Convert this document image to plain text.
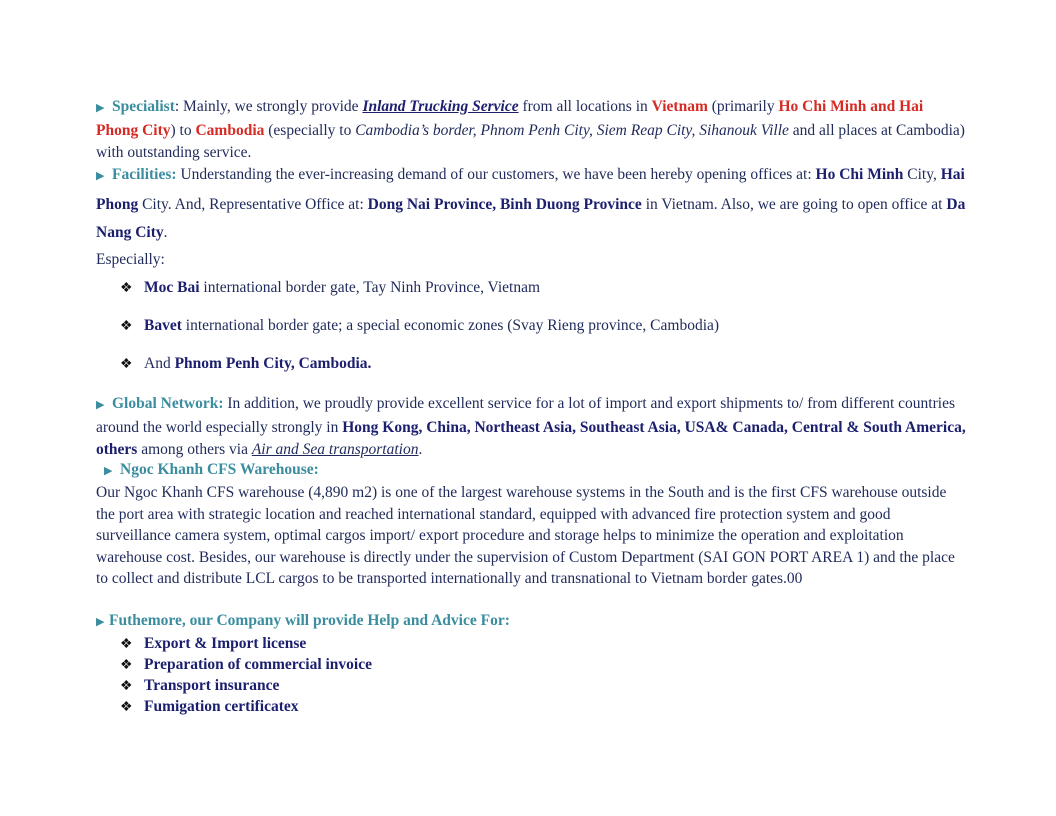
▶ Specialist: Mainly, we strongly provide Inland Trucking Service from all locations in Vietnam (primarily Ho Chi Minh and Hai Phong City) to Cambodia (especially to Cambodia’s border, Phnom Penh City, Siem Reap City, Sihanouk Ville and all places at Cambodia) with outstanding service.

▶ Facilities: Understanding the ever-increasing demand of our customers, we have been hereby opening offices at: Ho Chi Minh City, Hai Phong City. And, Representative Office at: Dong Nai Province, Binh Duong Province in Vietnam. Also, we are going to open office at Da Nang City.

Especially:

❖ Moc Bai international border gate, Tay Ninh Province, Vietnam
❖ Bavet international border gate; a special economic zones (Svay Rieng province, Cambodia)
❖ And Phnom Penh City, Cambodia.

▶ Global Network: In addition, we proudly provide excellent service for a lot of import and export shipments to/ from different countries around the world especially strongly in Hong Kong, China, Northeast Asia, Southeast Asia, USA& Canada, Central & South America, others among others via Air and Sea transportation.

▶ Ngoc Khanh CFS Warehouse:

Our Ngoc Khanh CFS warehouse (4,890 m2) is one of the largest warehouse systems in the South and is the first CFS warehouse outside the port area with strategic location and reached international standard, equipped with advanced fire protection system and good surveillance camera system, optimal cargos import/ export procedure and storage helps to minimize the operation and exploitation warehouse cost. Besides, our warehouse is directly under the supervision of Custom Department (SAI GON PORT AREA 1) and the place to collect and distribute LCL cargos to be transported internationally and transnational to Vietnam border gates.00

▶ Futhemore, our Company will provide Help and Advice For:

❖ Export & Import license
❖ Preparation of commercial invoice
❖ Transport insurance
❖ Fumigation certificatex
